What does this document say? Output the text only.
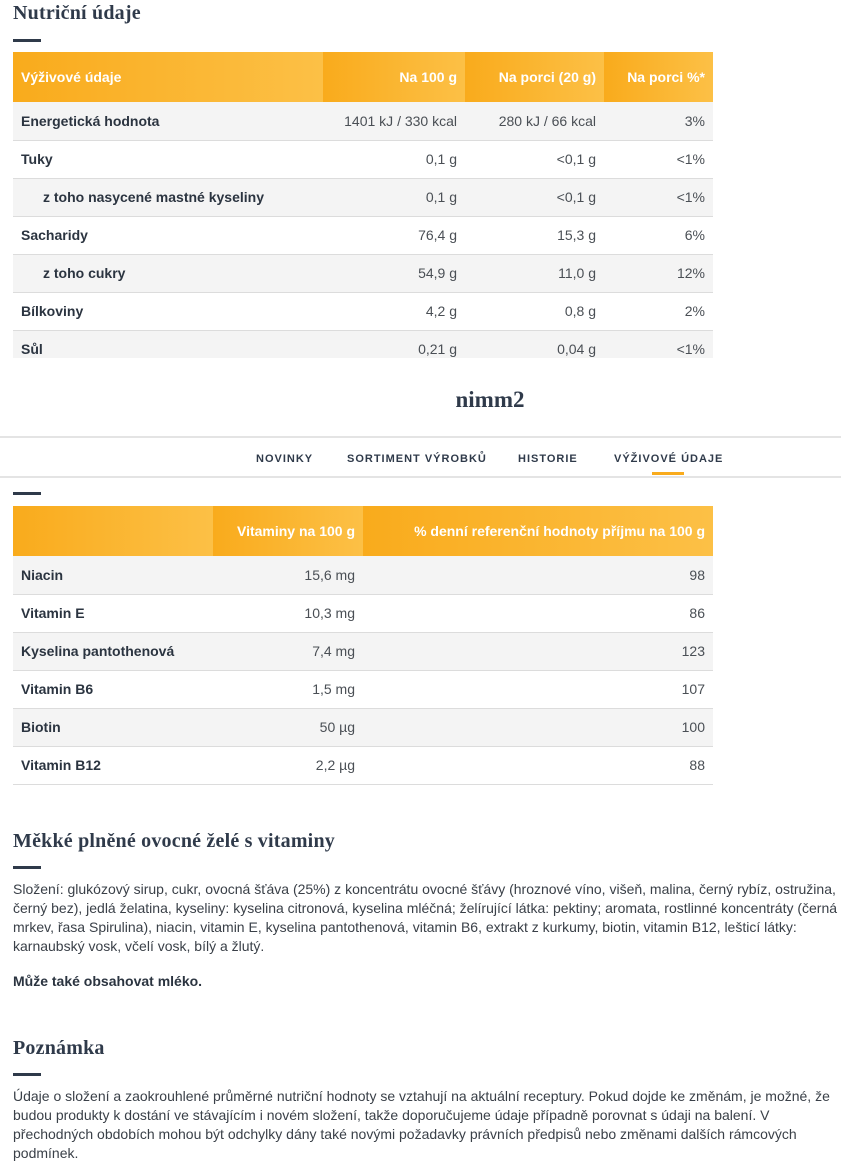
Nutriční údaje
Výživové údaje	Na 100 g	Na porci (20 g)	Na porci %*
Energetická hodnota	1401 kJ / 330 kcal	280 kJ / 66 kcal	3%
Tuky	0,1 g	<0,1 g	<1%
z toho nasycené mastné kyseliny	0,1 g	<0,1 g	<1%
Sacharidy	76,4 g	15,3 g	6%
z toho cukry	54,9 g	11,0 g	12%
Bílkoviny	4,2 g	0,8 g	2%
Sůl	0,21 g	0,04 g	<1%
nimm2
NOVINKY	SORTIMENT VÝROBKŮ	HISTORIE	VÝŽIVOVÉ ÚDAJE
	Vitaminy na 100 g	% denní referenční hodnoty příjmu na 100 g
Niacin	15,6 mg	98
Vitamin E	10,3 mg	86
Kyselina pantothenová	7,4 mg	123
Vitamin B6	1,5 mg	107
Biotin	50 µg	100
Vitamin B12	2,2 µg	88
Měkké plněné ovocné želé s vitaminy
Složení: glukózový sirup, cukr, ovocná šťáva (25%) z koncentrátu ovocné šťávy (hroznové víno, višeň, malina, černý rybíz, ostružina, černý bez), jedlá želatina, kyseliny: kyselina citronová, kyselina mléčná; želírující látka: pektiny; aromata, rostlinné koncentráty (černá mrkev, řasa Spirulina), niacin, vitamin E, kyselina pantothenová, vitamin B6, extrakt z kurkumy, biotin, vitamin B12, lešticí látky: karnaubský vosk, včelí vosk, bílý a žlutý.
Může také obsahovat mléko.
Poznámka
Údaje o složení a zaokrouhlené průměrné nutriční hodnoty se vztahují na aktuální receptury. Pokud dojde ke změnám, je možné, že budou produkty k dostání ve stávajícím i novém složení, takže doporučujeme údaje případně porovnat s údaji na balení. V přechodných obdobích mohou být odchylky dány také novými požadavky právních předpisů nebo změnami dalších rámcových podmínek.
